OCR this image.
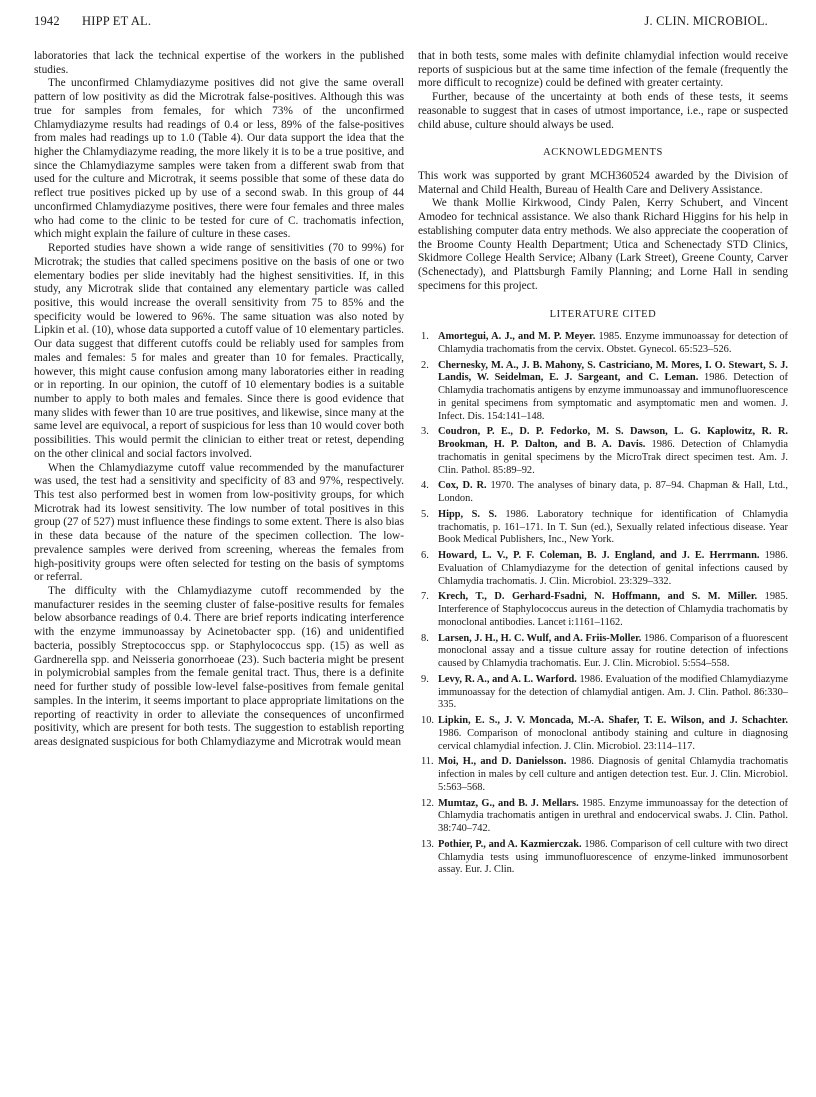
1942 HIPP ET AL.	J. CLIN. MICROBIOL.

laboratories that lack the technical expertise of the workers in the published studies.

The unconfirmed Chlamydiazyme positives did not give the same overall pattern of low positivity as did the Microtrak false-positives. Although this was true for samples from females, for which 73% of the unconfirmed Chlamydiazyme results had readings of 0.4 or less, 89% of the false-positives from males had readings up to 1.0 (Table 4). Our data support the idea that the higher the Chlamydiazyme reading, the more likely it is to be a true positive, and since the Chlamydiazyme samples were taken from a different swab from that used for the culture and Microtrak, it seems possible that some of these data do reflect true positives picked up by use of a second swab. In this group of 44 unconfirmed Chlamydiazyme positives, there were four females and three males who had come to the clinic to be tested for cure of C. trachomatis infection, which might explain the failure of culture in these cases.

Reported studies have shown a wide range of sensitivities (70 to 99%) for Microtrak; the studies that called specimens positive on the basis of one or two elementary bodies per slide inevitably had the highest sensitivities. If, in this study, any Microtrak slide that contained any elementary particle was called positive, this would increase the overall sensitivity from 75 to 85% and the specificity would be lowered to 96%. The same situation was also noted by Lipkin et al. (10), whose data supported a cutoff value of 10 elementary particles. Our data suggest that different cutoffs could be reliably used for samples from males and females: 5 for males and greater than 10 for females. Practically, however, this might cause confusion among many laboratories either in reading or in reporting. In our opinion, the cutoff of 10 elementary bodies is a suitable number to apply to both males and females. Since there is good evidence that many slides with fewer than 10 are true positives, and likewise, since many at the same level are equivocal, a report of suspicious for less than 10 would cover both possibilities. This would permit the clinician to either treat or retest, depending on the other clinical and social factors involved.

When the Chlamydiazyme cutoff value recommended by the manufacturer was used, the test had a sensitivity and specificity of 83 and 97%, respectively. This test also performed best in women from low-positivity groups, for which Microtrak had its lowest sensitivity. The low number of total positives in this group (27 of 527) must influence these findings to some extent. There is also bias in these data because of the nature of the specimen collection. The low-prevalence samples were derived from screening, whereas the females from high-positivity groups were often selected for testing on the basis of symptoms or referral.

The difficulty with the Chlamydiazyme cutoff recommended by the manufacturer resides in the seeming cluster of false-positive results for females below absorbance readings of 0.4. There are brief reports indicating interference with the enzyme immunoassay by Acinetobacter spp. (16) and unidentified bacteria, possibly Streptococcus spp. or Staphylococcus spp. (15) as well as Gardnerella spp. and Neisseria gonorrhoeae (23). Such bacteria might be present in polymicrobial samples from the female genital tract. Thus, there is a definite need for further study of possible low-level false-positives from female genital samples. In the interim, it seems important to place appropriate limitations on the reporting of reactivity in order to alleviate the consequences of unconfirmed positivity, which are present for both tests. The suggestion to establish reporting areas designated suspicious for both Chlamydiazyme and Microtrak would mean

that in both tests, some males with definite chlamydial infection would receive reports of suspicious but at the same time infection of the female (frequently the more difficult to recognize) could be defined with greater certainty.

Further, because of the uncertainty at both ends of these tests, it seems reasonable to suggest that in cases of utmost importance, i.e., rape or suspected child abuse, culture should always be used.

ACKNOWLEDGMENTS

This work was supported by grant MCH360524 awarded by the Division of Maternal and Child Health, Bureau of Health Care and Delivery Assistance.

We thank Mollie Kirkwood, Cindy Palen, Kerry Schubert, and Vincent Amodeo for technical assistance. We also thank Richard Higgins for his help in establishing computer data entry methods. We also appreciate the cooperation of the Broome County Health Department; Utica and Schenectady STD Clinics, Skidmore College Health Service; Albany (Lark Street), Greene County, Carver (Schenectady), and Plattsburgh Family Planning; and Lorne Hall in sending specimens for this project.

LITERATURE CITED
1. Amortegui, A. J., and M. P. Meyer. 1985. Enzyme immunoassay for detection of Chlamydia trachomatis from the cervix. Obstet. Gynecol. 65:523–526.
2. Chernesky, M. A., J. B. Mahony, S. Castriciano, M. Mores, I. O. Stewart, S. J. Landis, W. Seidelman, E. J. Sargeant, and C. Leman. 1986. Detection of Chlamydia trachomatis antigens by enzyme immunoassay and immunofluorescence in genital specimens from symptomatic and asymptomatic men and women. J. Infect. Dis. 154:141–148.
3. Coudron, P. E., D. P. Fedorko, M. S. Dawson, L. G. Kaplowitz, R. R. Brookman, H. P. Dalton, and B. A. Davis. 1986. Detection of Chlamydia trachomatis in genital specimens by the MicroTrak direct specimen test. Am. J. Clin. Pathol. 85:89–92.
4. Cox, D. R. 1970. The analyses of binary data, p. 87–94. Chapman & Hall, Ltd., London.
5. Hipp, S. S. 1986. Laboratory technique for identification of Chlamydia trachomatis, p. 161–171. In T. Sun (ed.), Sexually related infectious disease. Year Book Medical Publishers, Inc., New York.
6. Howard, L. V., P. F. Coleman, B. J. England, and J. E. Herrmann. 1986. Evaluation of Chlamydiazyme for the detection of genital infections caused by Chlamydia trachomatis. J. Clin. Microbiol. 23:329–332.
7. Krech, T., D. Gerhard-Fsadni, N. Hoffmann, and S. M. Miller. 1985. Interference of Staphylococcus aureus in the detection of Chlamydia trachomatis by monoclonal antibodies. Lancet i:1161–1162.
8. Larsen, J. H., H. C. Wulf, and A. Friis-Moller. 1986. Comparison of a fluorescent monoclonal assay and a tissue culture assay for routine detection of infections caused by Chlamydia trachomatis. Eur. J. Clin. Microbiol. 5:554–558.
9. Levy, R. A., and A. L. Warford. 1986. Evaluation of the modified Chlamydiazyme immunoassay for the detection of chlamydial antigen. Am. J. Clin. Pathol. 86:330–335.
10. Lipkin, E. S., J. V. Moncada, M.-A. Shafer, T. E. Wilson, and J. Schachter. 1986. Comparison of monoclonal antibody staining and culture in diagnosing cervical chlamydial infection. J. Clin. Microbiol. 23:114–117.
11. Moi, H., and D. Danielsson. 1986. Diagnosis of genital Chlamydia trachomatis infection in males by cell culture and antigen detection test. Eur. J. Clin. Microbiol. 5:563–568.
12. Mumtaz, G., and B. J. Mellars. 1985. Enzyme immunoassay for the detection of Chlamydia trachomatis antigen in urethral and endocervical swabs. J. Clin. Pathol. 38:740–742.
13. Pothier, P., and A. Kazmierczak. 1986. Comparison of cell culture with two direct Chlamydia tests using immunofluorescence of enzyme-linked immunosorbent assay. Eur. J. Clin.
